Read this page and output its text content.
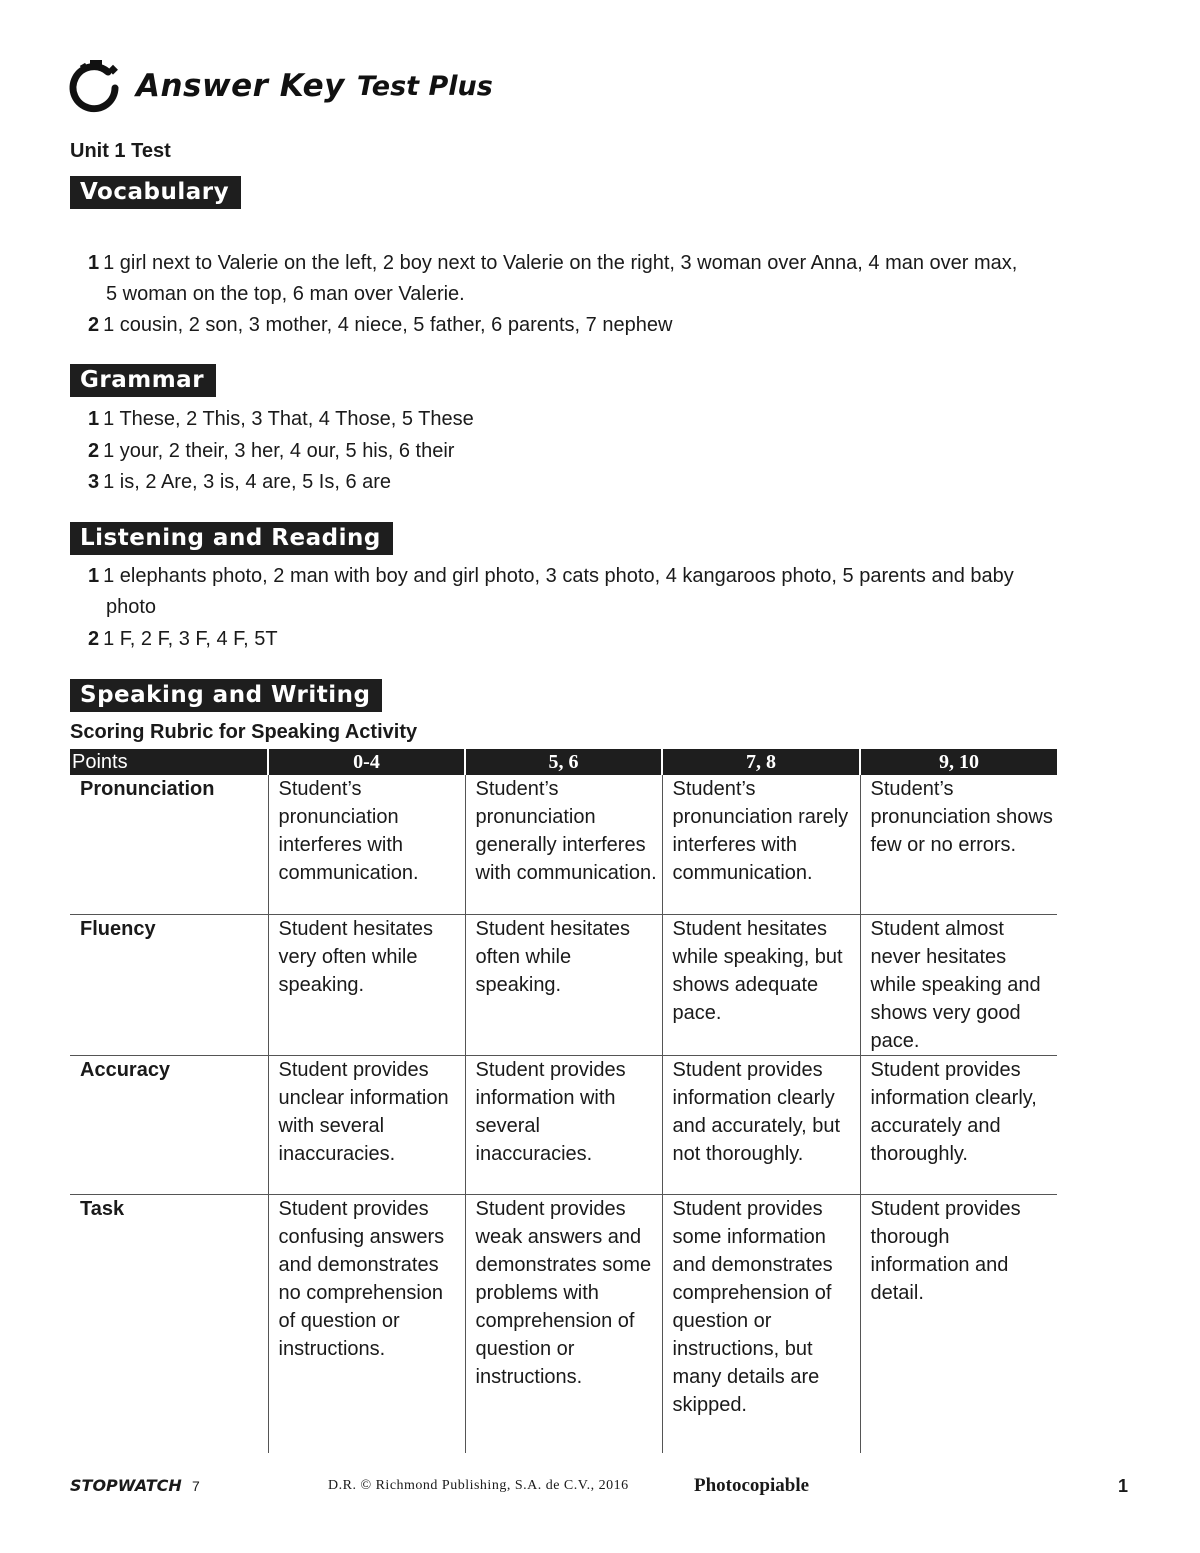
Answer Key Test Plus
Unit 1 Test
Vocabulary
1 1 girl next to Valerie on the left, 2 boy next to Valerie on the right, 3 woman over Anna, 4 man over max,
5 woman on the top, 6 man over Valerie.
2 1 cousin, 2 son, 3 mother, 4 niece, 5 father, 6 parents, 7 nephew
Grammar
1 1 These, 2 This, 3 That, 4 Those, 5 These
2 1 your, 2 their, 3 her, 4 our, 5 his, 6 their
3 1 is, 2 Are, 3 is, 4 are, 5 Is, 6 are
Listening and Reading
1 1 elephants photo, 2 man with boy and girl photo, 3 cats photo, 4 kangaroos photo, 5 parents and baby
photo
2 1 F, 2 F, 3 F, 4 F, 5T
Speaking and Writing
Scoring Rubric for Speaking Activity
Points	0-4	5, 6	7, 8	9, 10
Pronunciation	Student’s pronunciation interferes with communication.	Student’s pronunciation generally interferes with communication.	Student’s pronunciation rarely interferes with communication.	Student’s pronunciation shows few or no errors.
Fluency	Student hesitates very often while speaking.	Student hesitates often while speaking.	Student hesitates while speaking, but shows adequate pace.	Student almost never hesitates while speaking and shows very good pace.
Accuracy	Student provides unclear information with several inaccuracies.	Student provides information with several inaccuracies.	Student provides information clearly and accurately, but not thoroughly.	Student provides information clearly, accurately and thoroughly.
Task	Student provides confusing answers and demonstrates no comprehension of question or instructions.	Student provides weak answers and demonstrates some problems with comprehension of question or instructions.	Student provides some information and demonstrates comprehension of question or instructions, but many details are skipped.	Student provides thorough information and detail.
STOPWATCH 7	D.R. © Richmond Publishing, S.A. de C.V., 2016	Photocopiable	1
